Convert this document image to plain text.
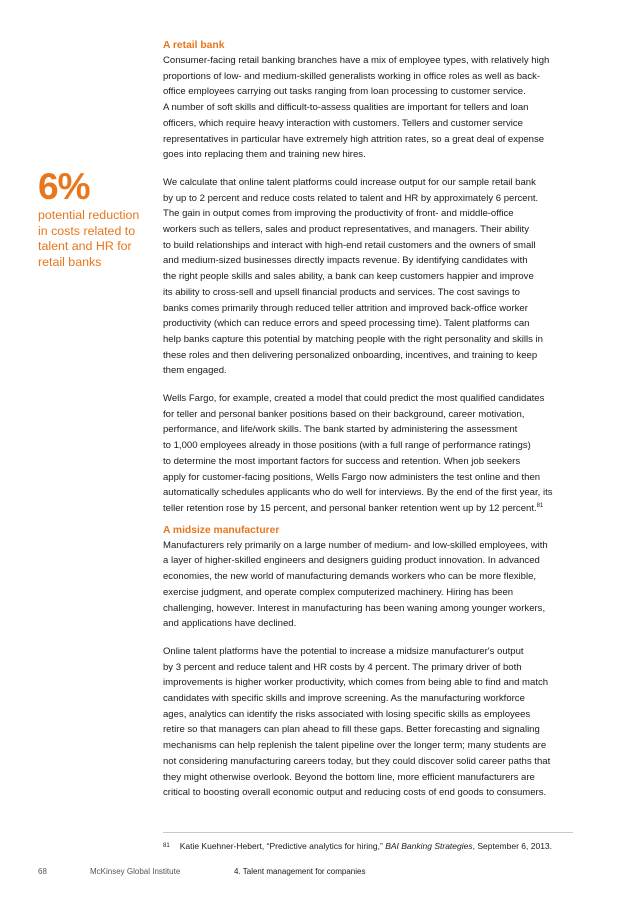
6%
potential reduction in costs related to talent and HR for retail banks
A retail bank

Consumer-facing retail banking branches have a mix of employee types, with relatively high
proportions of low- and medium-skilled generalists working in office roles as well as back-
office employees carrying out tasks ranging from loan processing to customer service.
A number of soft skills and difficult-to-assess qualities are important for tellers and loan
officers, which require heavy interaction with customers. Tellers and customer service
representatives in particular have extremely high attrition rates, so a great deal of expense
goes into replacing them and training new hires.

We calculate that online talent platforms could increase output for our sample retail bank
by up to 2 percent and reduce costs related to talent and HR by approximately 6 percent.
The gain in output comes from improving the productivity of front- and middle-office
workers such as tellers, sales and product representatives, and managers. Their ability
to build relationships and interact with high-end retail customers and the owners of small
and medium-sized businesses directly impacts revenue. By identifying candidates with
the right people skills and sales ability, a bank can keep customers happier and improve
its ability to cross-sell and upsell financial products and services. The cost savings to
banks comes primarily through reduced teller attrition and improved back-office worker
productivity (which can reduce errors and speed processing time). Talent platforms can
help banks capture this potential by matching people with the right personality and skills in
these roles and then delivering personalized onboarding, incentives, and training to keep
them engaged.

Wells Fargo, for example, created a model that could predict the most qualified candidates
for teller and personal banker positions based on their background, career motivation,
performance, and life/work skills. The bank started by administering the assessment
to 1,000 employees already in those positions (with a full range of performance ratings)
to determine the most important factors for success and retention. When job seekers
apply for customer-facing positions, Wells Fargo now administers the test online and then
automatically schedules applicants who do well for interviews. By the end of the first year, its
teller retention rose by 15 percent, and personal banker retention went up by 12 percent.$^{81}$

A midsize manufacturer

Manufacturers rely primarily on a large number of medium- and low-skilled employees, with
a layer of higher-skilled engineers and designers guiding product innovation. In advanced
economies, the new world of manufacturing demands workers who can be more flexible,
exercise judgment, and operate complex computerized machinery. Hiring has been
challenging, however. Interest in manufacturing has been waning among younger workers,
and applications have declined.

Online talent platforms have the potential to increase a midsize manufacturer's output
by 3 percent and reduce talent and HR costs by 4 percent. The primary driver of both
improvements is higher worker productivity, which comes from being able to find and match
candidates with specific skills and improve screening. As the manufacturing workforce
ages, analytics can identify the risks associated with losing specific skills as employees
retire so that managers can plan ahead to fill these gaps. Better forecasting and signaling
mechanisms can help replenish the talent pipeline over the longer term; many students are
not considering manufacturing careers today, but they could discover solid career paths that
they might otherwise overlook. Beyond the bottom line, more efficient manufacturers are
critical to boosting overall economic output and reducing costs of end goods to consumers.

$^{81}$ Katie Kuehner-Hebert, “Predictive analytics for hiring,” BAI Banking Strategies, September 6, 2013.
68	McKinsey Global Institute	4. Talent management for companies
